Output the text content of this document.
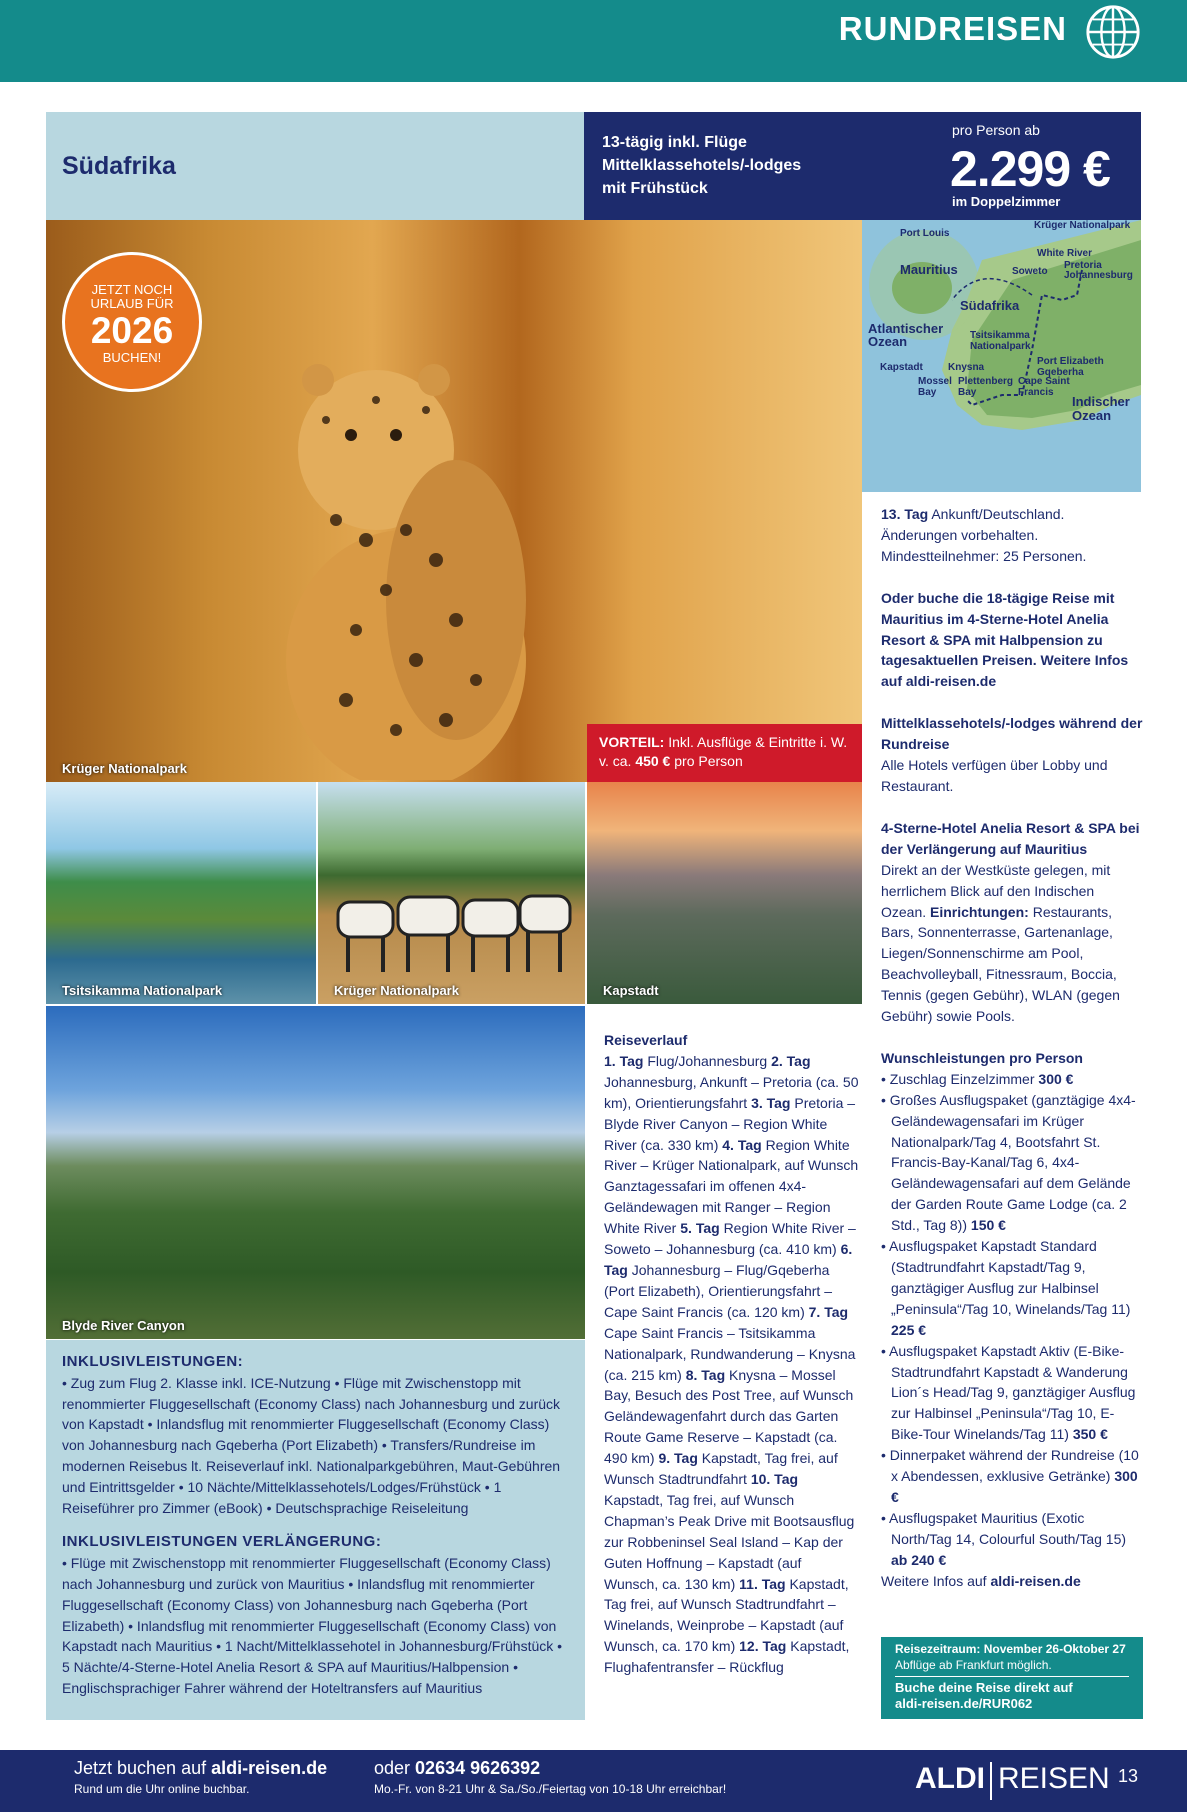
RUNDREISEN
Südafrika
13-tägig inkl. Flüge
Mittelklassehotels/-lodges
mit Frühstück
pro Person ab
2.299 €
im Doppelzimmer
Krüger Nationalpark
JETZT NOCH
URLAUB FÜR
2026
BUCHEN!
Port Louis
Mauritius
Krüger Nationalpark
White River
Pretoria
Soweto Johannesburg
Südafrika
Atlantischer Ozean	Tsitsikamma Nationalpark
Port Elizabeth Gqeberha
Kapstadt	Knysna
Mossel Bay
Plettenberg Bay
Cape Saint Francis
Indischer Ozean
VORTEIL: Inkl. Ausflüge & Eintritte i. W. v. ca. 450 € pro Person
Tsitsikamma Nationalpark	Krüger Nationalpark	Kapstadt
Blyde River Canyon
INKLUSIVLEISTUNGEN:

• Zug zum Flug 2. Klasse inkl. ICE-Nutzung • Flüge mit Zwischenstopp mit renommierter Fluggesellschaft (Economy Class) nach Johannesburg und zurück von Kapstadt • Inlandsflug mit renommierter Fluggesellschaft (Economy Class) von Johannesburg nach Gqeberha (Port Elizabeth) • Transfers/Rundreise im modernen Reisebus lt. Reiseverlauf inkl. Nationalparkgebühren, Maut-Gebühren und Eintrittsgelder • 10 Nächte/Mittelklassehotels/Lodges/Frühstück • 1 Reiseführer pro Zimmer (eBook) • Deutschsprachige Reiseleitung

INKLUSIVLEISTUNGEN VERLÄNGERUNG:

• Flüge mit Zwischenstopp mit renommierter Fluggesellschaft (Economy Class) nach Johannesburg und zurück von Mauritius • Inlandsflug mit renommierter Fluggesellschaft (Economy Class) von Johannesburg nach Gqeberha (Port Elizabeth) • Inlandsflug mit renommierter Fluggesellschaft (Economy Class) von Kapstadt nach Mauritius • 1 Nacht/Mittelklassehotel in Johannesburg/Frühstück • 5 Nächte/4-Sterne-Hotel Anelia Resort & SPA auf Mauritius/Halbpension • Englischsprachiger Fahrer während der Hoteltransfers auf Mauritius

Reiseverlauf
1. Tag Flug/Johannesburg 2. Tag Johannesburg, Ankunft – Pretoria (ca. 50 km), Orientierungsfahrt 3. Tag Pretoria – Blyde River Canyon – Region White River (ca. 330 km) 4. Tag Region White River – Krüger Nationalpark, auf Wunsch Ganztagessafari im offenen 4x4-Geländewagen mit Ranger – Region White River 5. Tag Region White River – Soweto – Johannesburg (ca. 410 km) 6. Tag Johannesburg – Flug/Gqeberha (Port Elizabeth), Orientierungsfahrt – Cape Saint Francis (ca. 120 km) 7. Tag Cape Saint Francis – Tsitsikamma Nationalpark, Rundwanderung – Knysna (ca. 215 km) 8. Tag Knysna – Mossel Bay, Besuch des Post Tree, auf Wunsch Geländewagenfahrt durch das Garten Route Game Reserve – Kapstadt (ca. 490 km) 9. Tag Kapstadt, Tag frei, auf Wunsch Stadtrundfahrt 10. Tag Kapstadt, Tag frei, auf Wunsch Chapman’s Peak Drive mit Bootsausflug zur Robbeninsel Seal Island – Kap der Guten Hoffnung – Kapstadt (auf Wunsch, ca. 130 km) 11. Tag Kapstadt, Tag frei, auf Wunsch Stadtrundfahrt – Winelands, Weinprobe – Kapstadt (auf Wunsch, ca. 170 km) 12. Tag Kapstadt, Flughafentransfer – Rückflug
13. Tag Ankunft/Deutschland.
Änderungen vorbehalten.
Mindestteilnehmer: 25 Personen.
Oder buche die 18-tägige Reise mit Mauritius im 4-Sterne-Hotel Anelia Resort & SPA mit Halbpension zu tagesaktuellen Preisen. Weitere Infos auf aldi-reisen.de
Mittelklassehotels/-lodges während der Rundreise
Alle Hotels verfügen über Lobby und Restaurant.
4-Sterne-Hotel Anelia Resort & SPA bei der Verlängerung auf Mauritius
Direkt an der Westküste gelegen, mit herrlichem Blick auf den Indischen Ozean. Einrichtungen: Restaurants, Bars, Sonnenterrasse, Gartenanlage, Liegen/Sonnenschirme am Pool, Beachvolleyball, Fitnessraum, Boccia, Tennis (gegen Gebühr), WLAN (gegen Gebühr) sowie Pools.
Wunschleistungen pro Person
• Zuschlag Einzelzimmer 300 €
• Großes Ausflugspaket (ganztägige 4x4-Geländewagensafari im Krüger Nationalpark/Tag 4, Bootsfahrt St. Francis-Bay-Kanal/Tag 6, 4x4-Geländewagensafari auf dem Gelände der Garden Route Game Lodge (ca. 2 Std., Tag 8)) 150 €
• Ausflugspaket Kapstadt Standard (Stadtrundfahrt Kapstadt/Tag 9, ganztägiger Ausflug zur Halbinsel „Peninsula“/Tag 10, Winelands/Tag 11) 225 €
• Ausflugspaket Kapstadt Aktiv (E-Bike-Stadtrundfahrt Kapstadt & Wanderung Lion´s Head/Tag 9, ganztägiger Ausflug zur Halbinsel „Peninsula“/Tag 10, E-Bike-Tour Winelands/Tag 11) 350 €
• Dinnerpaket während der Rundreise (10 x Abendessen, exklusive Getränke) 300 €
• Ausflugspaket Mauritius (Exotic North/Tag 14, Colourful South/Tag 15) ab 240 €
Weitere Infos auf aldi-reisen.de
Reisezeitraum: November 26-Oktober 27
Abflüge ab Frankfurt möglich.
Buche deine Reise direkt auf
aldi-reisen.de/RUR062
Jetzt buchen auf aldi-reisen.de
Rund um die Uhr online buchbar.
oder 02634 9626392
Mo.-Fr. von 8-21 Uhr & Sa./So./Feiertag von 10-18 Uhr erreichbar!	ALDI REISEN 13
